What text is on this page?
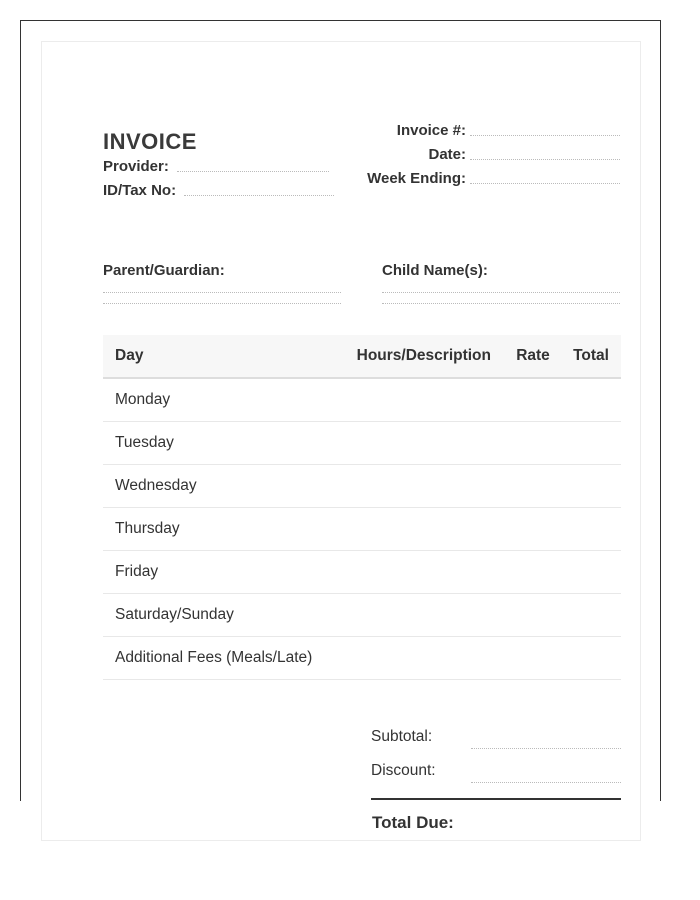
INVOICE
Provider:
ID/Tax No:
Invoice #:
Date:
Week Ending:
Parent/Guardian:	Child Name(s):
Day	Hours/Description	Rate	Total
Monday			
Tuesday			
Wednesday			
Thursday			
Friday			
Saturday/Sunday			
Additional Fees (Meals/Late)			
Subtotal:
Discount:
Total Due:
